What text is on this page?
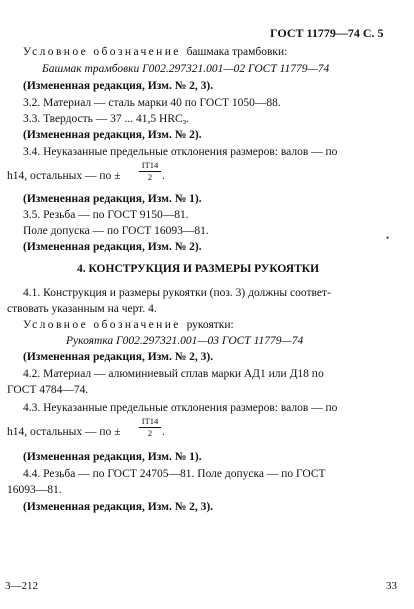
ГОСТ 11779—74 С. 5
Условное обозначение башмака трамбовки:
Башмак трамбовки Г002.297321.001—02 ГОСТ 11779—74
(Измененная редакция, Изм. № 2, 3).
3.2. Материал — сталь марки 40 по ГОСТ 1050—88.
3.3. Твердость — 37 ... 41,5 $HRC_э$.
(Измененная редакция, Изм. № 2).
3.4. Неуказанные предельные отклонения размеров: валов — по
h14, остальных — по ±
IT14
2 .
(Измененная редакция, Изм. № 1).
3.5. Резьба — по ГОСТ 9150—81.
Поле допуска — по ГОСТ 16093—81.
(Измененная редакция, Изм. № 2).
•
4. КОНСТРУКЦИЯ И РАЗМЕРЫ РУКОЯТКИ
4.1. Конструкция и размеры рукоятки (поз. 3) должны соответ-
ствовать указанным на черт. 4.
Условное обозначение рукоятки:
Рукоятка Г002.297321.001—03 ГОСТ 11779—74
(Измененная редакция, Изм. № 2, 3).
4.2. Материал — алюминиевый сплав марки АД1 или Д18 по
ГОСТ 4784—74.
4.3. Неуказанные предельные отклонения размеров: валов — по
h14, остальных — по ±
IT14
2 .
(Измененная редакция, Изм. № 1).
4.4. Резьба — по ГОСТ 24705—81. Поле допуска — по ГОСТ
16093—81.
(Измененная редакция, Изм. № 2, 3).
3—212	33
